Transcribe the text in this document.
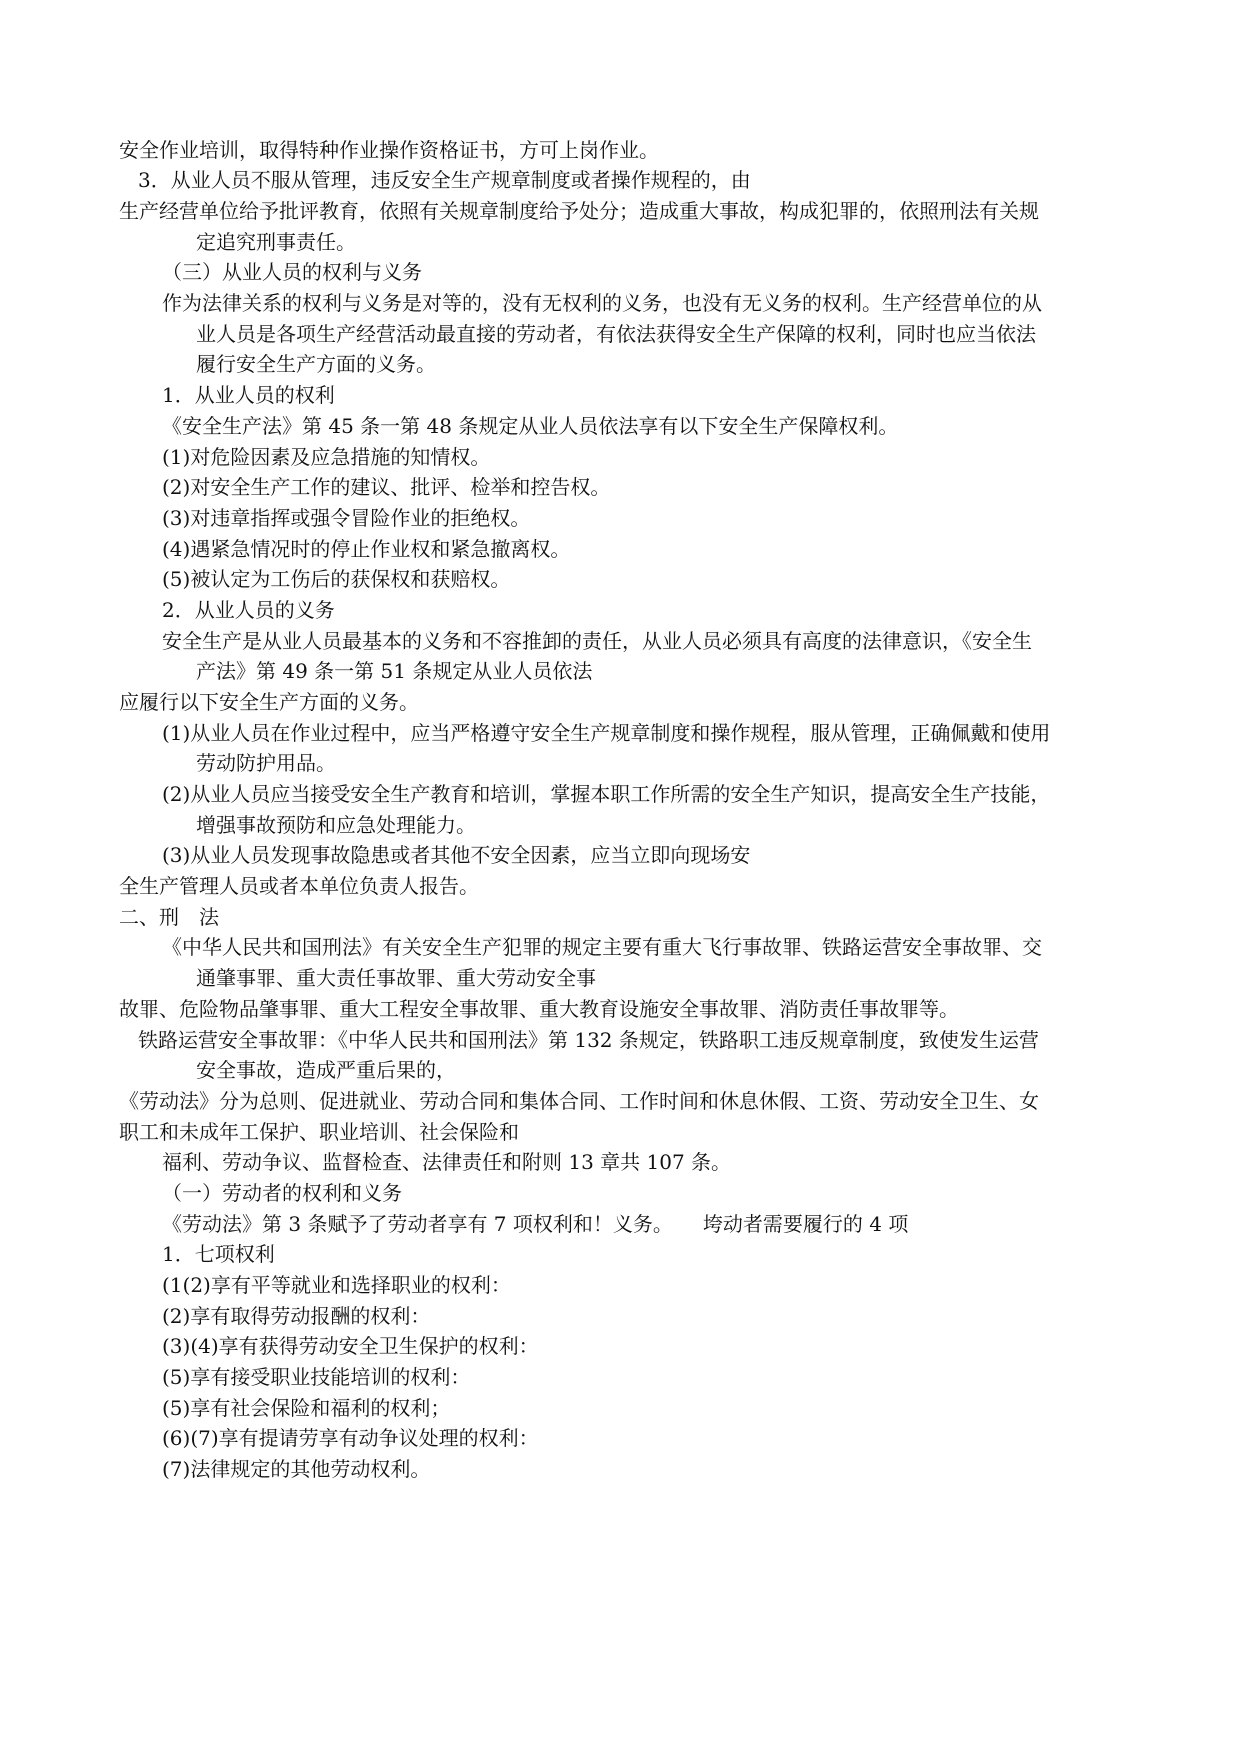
安全作业培训，取得特种作业操作资格证书，方可上岗作业。
3．从业人员不服从管理，违反安全生产规章制度或者操作规程的，由
生产经营单位给予批评教育，依照有关规章制度给予处分；造成重大事故，构成犯罪的，依照刑法有关规
定追究刑事责任。
（三）从业人员的权利与义务
作为法律关系的权利与义务是对等的，没有无权利的义务，也没有无义务的权利。生产经营单位的从
业人员是各项生产经营活动最直接的劳动者，有依法获得安全生产保障的权利，同时也应当依法
履行安全生产方面的义务。
1．从业人员的权利
《安全生产法》第 45 条一第 48 条规定从业人员依法享有以下安全生产保障权利。
(1)对危险因素及应急措施的知情权。
(2)对安全生产工作的建议、批评、检举和控告权。
(3)对违章指挥或强令冒险作业的拒绝权。
(4)遇紧急情况时的停止作业权和紧急撤离权。
(5)被认定为工伤后的获保权和获赔权。
2．从业人员的义务
安全生产是从业人员最基本的义务和不容推卸的责任，从业人员必须具有高度的法律意识，《安全生
产法》第 49 条一第 51 条规定从业人员依法
应履行以下安全生产方面的义务。
(1)从业人员在作业过程中，应当严格遵守安全生产规章制度和操作规程，服从管理，正确佩戴和使用
劳动防护用品。
(2)从业人员应当接受安全生产教育和培训，掌握本职工作所需的安全生产知识，提高安全生产技能，
增强事故预防和应急处理能力。
(3)从业人员发现事故隐患或者其他不安全因素，应当立即向现场安
全生产管理人员或者本单位负责人报告。
二、刑　法
《中华人民共和国刑法》有关安全生产犯罪的规定主要有重大飞行事故罪、铁路运营安全事故罪、交
通肇事罪、重大责任事故罪、重大劳动安全事
故罪、危险物品肇事罪、重大工程安全事故罪、重大教育设施安全事故罪、消防责任事故罪等。
铁路运营安全事故罪：《中华人民共和国刑法》第 132 条规定，铁路职工违反规章制度，致使发生运营
安全事故，造成严重后果的，
《劳动法》分为总则、促进就业、劳动合同和集体合同、工作时间和休息休假、工资、劳动安全卫生、女
职工和未成年工保护、职业培训、社会保险和
福利、劳动争议、监督检查、法律责任和附则 13 章共 107 条。
（一）劳动者的权利和义务
《劳动法》第 3 条赋予了劳动者享有 7 项权利和！义务。　　垮动者需要履行的 4 项
1．七项权利
(1(2)享有平等就业和选择职业的权利：
(2)享有取得劳动报酬的权利：
(3)(4)享有获得劳动安全卫生保护的权利：
(5)享有接受职业技能培训的权利：
(5)享有社会保险和福利的权利；
(6)(7)享有提请劳享有动争议处理的权利：
(7)法律规定的其他劳动权利。
